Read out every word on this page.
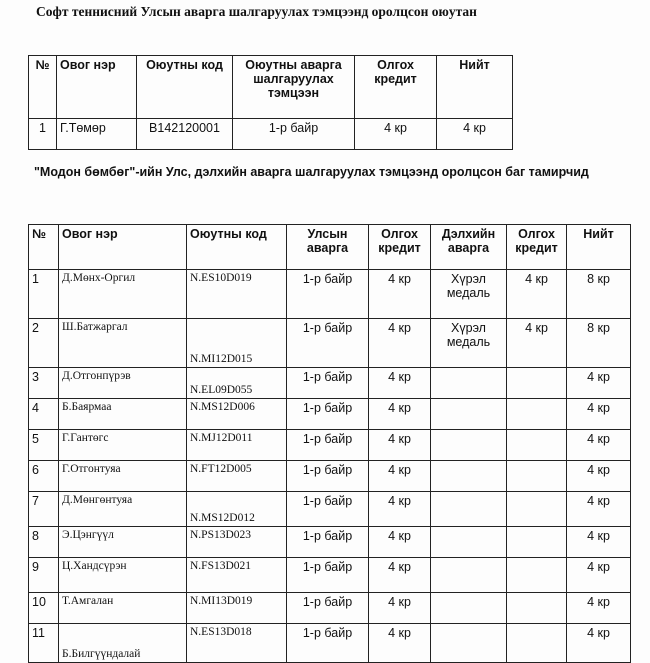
Софт теннисний Улсын аварга шалгаруулах тэмцээнд оролцсон оюутан
№	Овог нэр	Оюутны код	Оюутны аварга шалгаруулах тэмцээн	Олгох кредит	Нийт
1	Г.Төмөр	B142120001	1-р байр	4 кр	4 кр
"Модон бөмбөг"-ийн Улс, дэлхийн аварга шалгаруулах тэмцээнд оролцсон баг тамирчид
№	Овог нэр	Оюутны код	Улсын аварга	Олгох кредит	Дэлхийн аварга	Олгох кредит	Нийт
1	Д.Мөнх-Оргил	N.ES10D019	1-р байр	4 кр	Хүрэл медаль	4 кр	8 кр
2	Ш.Батжаргал	N.MI12D015	1-р байр	4 кр	Хүрэл медаль	4 кр	8 кр
3	Д.Отгонпүрэв	N.EL09D055	1-р байр	4 кр			4 кр
4	Б.Баярмаа	N.MS12D006	1-р байр	4 кр			4 кр
5	Г.Гантөгс	N.MJ12D011	1-р байр	4 кр			4 кр
6	Г.Отгонтуяа	N.FT12D005	1-р байр	4 кр			4 кр
7	Д.Мөнгөнтуяа	N.MS12D012	1-р байр	4 кр			4 кр
8	Э.Цэнгүүл	N.PS13D023	1-р байр	4 кр			4 кр
9	Ц.Хандсүрэн	N.FS13D021	1-р байр	4 кр			4 кр
10	Т.Амгалан	N.MI13D019	1-р байр	4 кр			4 кр
11	Б.Билгүүндалай	N.ES13D018	1-р байр	4 кр			4 кр
